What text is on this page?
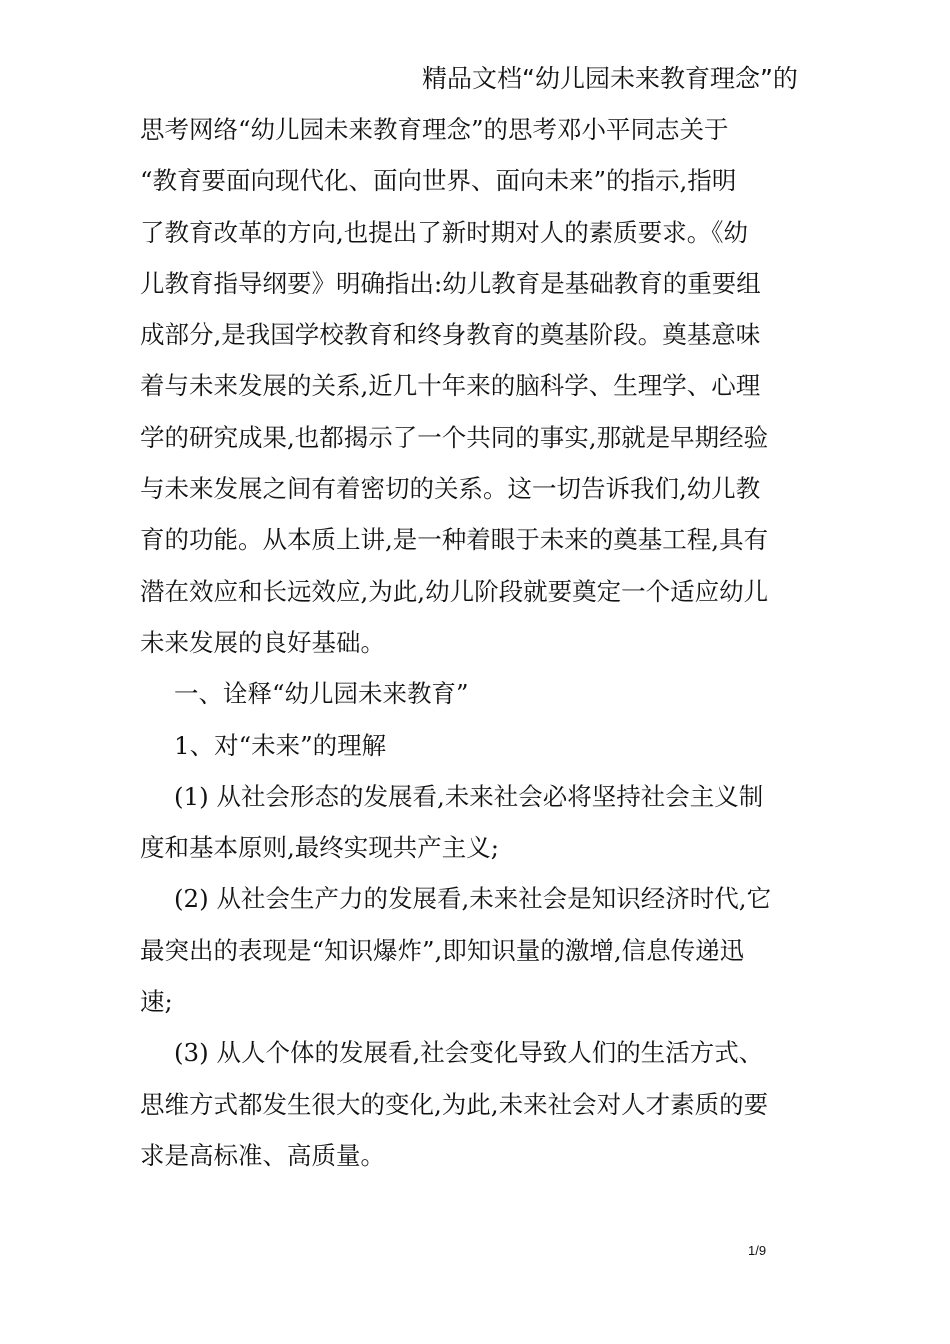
精品文档“幼儿园未来教育理念”的
思考网络“幼儿园未来教育理念”的思考邓小平同志关于
“教育要面向现代化、面向世界、面向未来”的指示,指明
了教育改革的方向,也提出了新时期对人的素质要求。《幼
儿教育指导纲要》明确指出:幼儿教育是基础教育的重要组
成部分,是我国学校教育和终身教育的奠基阶段。奠基意味
着与未来发展的关系,近几十年来的脑科学、生理学、心理
学的研究成果,也都揭示了一个共同的事实,那就是早期经验
与未来发展之间有着密切的关系。这一切告诉我们,幼儿教
育的功能。从本质上讲,是一种着眼于未来的奠基工程,具有
潜在效应和长远效应,为此,幼儿阶段就要奠定一个适应幼儿
未来发展的良好基础。
一、诠释“幼儿园未来教育”
1、对“未来”的理解
(1) 从社会形态的发展看,未来社会必将坚持社会主义制
度和基本原则,最终实现共产主义;
(2) 从社会生产力的发展看,未来社会是知识经济时代,它
最突出的表现是“知识爆炸”,即知识量的激增,信息传递迅
速;
(3) 从人个体的发展看,社会变化导致人们的生活方式、
思维方式都发生很大的变化,为此,未来社会对人才素质的要
求是高标准、高质量。
1/9
